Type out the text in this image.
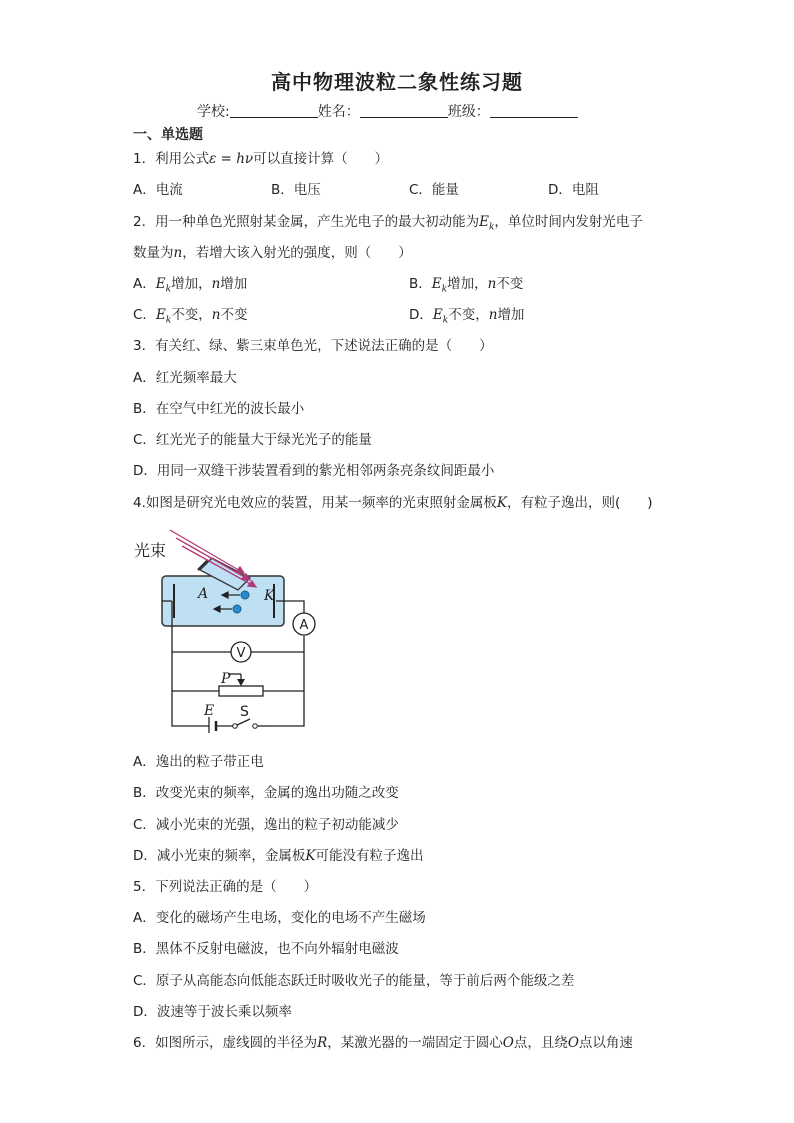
高中物理波粒二象性练习题
学校:	姓名：	班级：
一、单选题
1．利用公式ε = hν可以直接计算（　　）
A．电流	B．电压	C．能量	D．电阻
2．用一种单色光照射某金属，产生光电子的最大初动能为$E_k$，单位时间内发射光电子
数量为n，若增大该入射光的强度，则（　　）
A．$E_k$增加，n增加	B．$E_k$增加，n不变
C．$E_k$不变，n不变	D．$E_k$不变，n增加
3．有关红、绿、紫三束单色光，下述说法正确的是（　　）
A．红光频率最大
B．在空气中红光的波长最小
C．红光光子的能量大于绿光光子的能量
D．用同一双缝干涉装置看到的紫光相邻两条亮条纹间距最小
4.如图是研究光电效应的装置，用某一频率的光束照射金属板K，有粒子逸出，则(　　)
光束
A	K
A
V
P
E S
A．逸出的粒子带正电
B．改变光束的频率，金属的逸出功随之改变
C．减小光束的光强，逸出的粒子初动能减少
D．减小光束的频率，金属板K可能没有粒子逸出
5．下列说法正确的是（　　）
A．变化的磁场产生电场，变化的电场不产生磁场
B．黑体不反射电磁波，也不向外辐射电磁波
C．原子从高能态向低能态跃迁时吸收光子的能量，等于前后两个能级之差
D．波速等于波长乘以频率
6．如图所示，虚线圆的半径为R，某激光器的一端固定于圆心O点，且绕O点以角速
